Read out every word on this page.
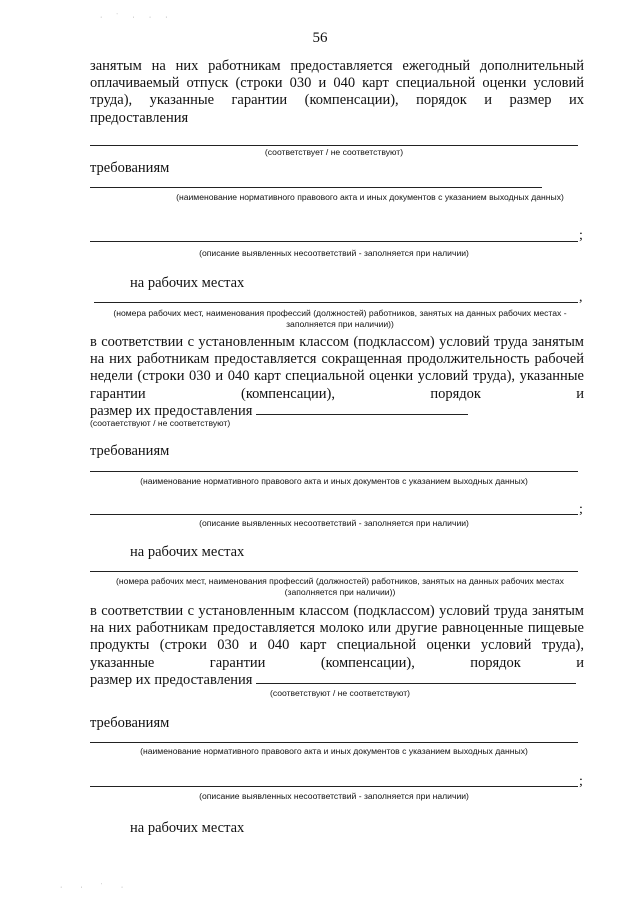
56
занятым на них работникам предоставляется ежегодный дополнительный оплачиваемый отпуск (строки 030 и 040 карт специальной оценки условий труда), указанные гарантии (компенсации), порядок и размер их предоставления
(соответствует / не соответствуют)
требованиям
(наименование нормативного правового акта и иных документов с указанием выходных данных)
;
(описание выявленных несоответствий - заполняется при наличии)
на рабочих местах
,
(номера рабочих мест, наименования профессий (должностей) работников, занятых на данных рабочих местах - заполняется при наличии))
в соответствии с установленным классом (подклассом) условий труда занятым на них работникам предоставляется сокращенная продолжительность рабочей недели (строки 030 и 040 карт специальной оценки условий труда), указанные гарантии (компенсации), порядок и
размер их предоставления
(соотаетствуют / не соответствуют)
требованиям
(наименование нормативного правового акта и иных документов с указанием выходных данных)
;
(описание выявленных несоответствий - заполняется при наличии)
на рабочих местах
(номера рабочих мест, наименования профессий (должностей) работников, занятых на данных рабочих местах (заполняется при наличии))
в соответствии с установленным классом (подклассом) условий труда занятым на них работникам предоставляется молоко или другие равноценные пищевые продукты (строки 030 и 040 карт специальной оценки условий труда), указанные гарантии (компенсации), порядок и
размер их предоставления
(соответствуют / не соответствуют)
требованиям
(наименование нормативного правового акта и иных документов с указанием выходных данных)
;
(описание выявленных несоответствий - заполняется при наличии)
на рабочих местах
· ˙ · · ·
· · ˙ ·
